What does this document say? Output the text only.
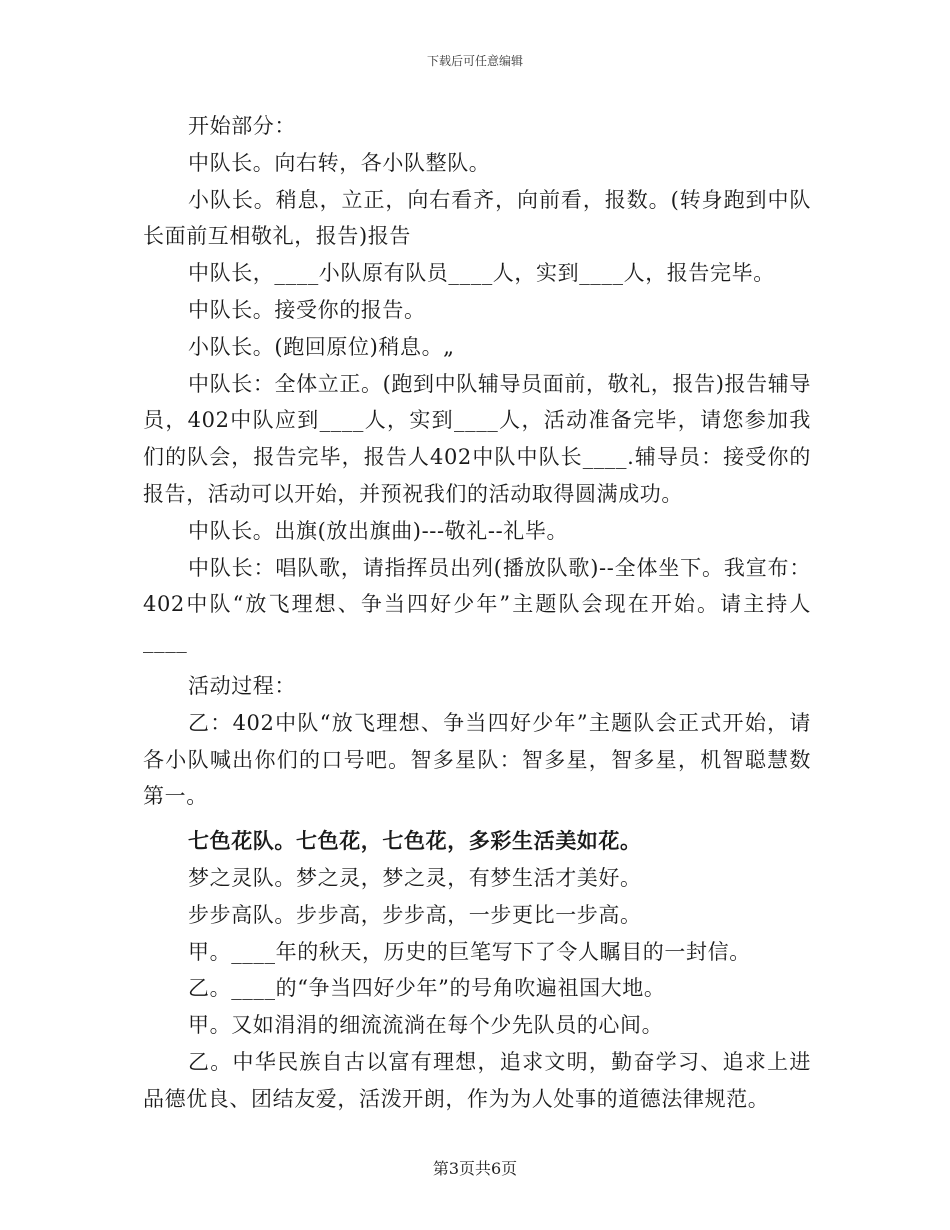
下载后可任意编辑

开始部分：

中队长。向右转，各小队整队。

小队长。稍息，立正，向右看齐，向前看，报数。(转身跑到中队长面前互相敬礼，报告)报告

中队长，____小队原有队员____人，实到____人，报告完毕。

中队长。接受你的报告。

小队长。(跑回原位)稍息。„

中队长：全体立正。(跑到中队辅导员面前，敬礼，报告)报告辅导员，402中队应到____人，实到____人，活动准备完毕，请您参加我们的队会，报告完毕，报告人402中队中队长____.辅导员：接受你的报告，活动可以开始，并预祝我们的活动取得圆满成功。

中队长。出旗(放出旗曲)---敬礼--礼毕。

中队长：唱队歌，请指挥员出列(播放队歌)--全体坐下。我宣布：402中队“放飞理想、争当四好少年”主题队会现在开始。请主持人____

活动过程：

乙：402中队“放飞理想、争当四好少年”主题队会正式开始，请各小队喊出你们的口号吧。智多星队：智多星，智多星，机智聪慧数第一。

七色花队。七色花，七色花，多彩生活美如花。

梦之灵队。梦之灵，梦之灵，有梦生活才美好。

步步高队。步步高，步步高，一步更比一步高。

甲。____年的秋天，历史的巨笔写下了令人瞩目的一封信。

乙。____的“争当四好少年”的号角吹遍祖国大地。

甲。又如涓涓的细流流淌在每个少先队员的心间。

乙。中华民族自古以富有理想，追求文明，勤奋学习、追求上进品德优良、团结友爱，活泼开朗，作为为人处事的道德法律规范。

第3页共6页
